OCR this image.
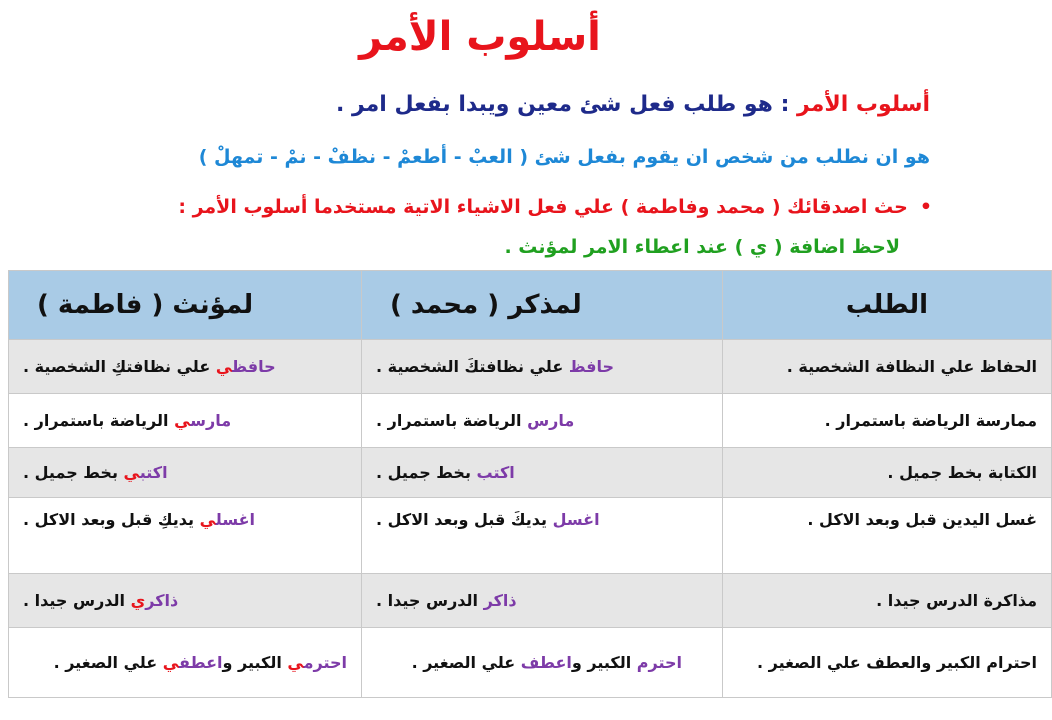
أسلوب الأمر
أسلوب الأمر : هو طلب فعل شئ معين ويبدا بفعل امر .
هو ان نطلب من شخص ان يقوم بفعل شئ ( العبْ - أطعمْ - نظفْ - نمْ - تمهلْ )
•حث اصدقائك ( محمد وفاطمة ) علي فعل الاشياء الاتية مستخدما أسلوب الأمر :
لاحظ اضافة ( ي ) عند اعطاء الامر لمؤنث .
الطلب	لمذكر ( محمد )	لمؤنث ( فاطمة )
الحفاظ علي النظافة الشخصية .	حافظ علي نظافتكَ الشخصية .	حافظي علي نظافتكِ الشخصية .
ممارسة الرياضة باستمرار .	مارس الرياضة باستمرار .	مارسي الرياضة باستمرار .
الكتابة بخط جميل .	اكتب بخط جميل .	اكتبي بخط جميل .
غسل اليدين قبل وبعد الاكل .	اغسل يديكَ قبل وبعد الاكل .	اغسلي يديكِ قبل وبعد الاكل .
مذاكرة الدرس جيدا .	ذاكر الدرس جيدا .	ذاكري الدرس جيدا .
احترام الكبير والعطف علي الصغير .	احترم الكبير واعطف علي الصغير .	احترمي الكبير واعطفي علي الصغير .
